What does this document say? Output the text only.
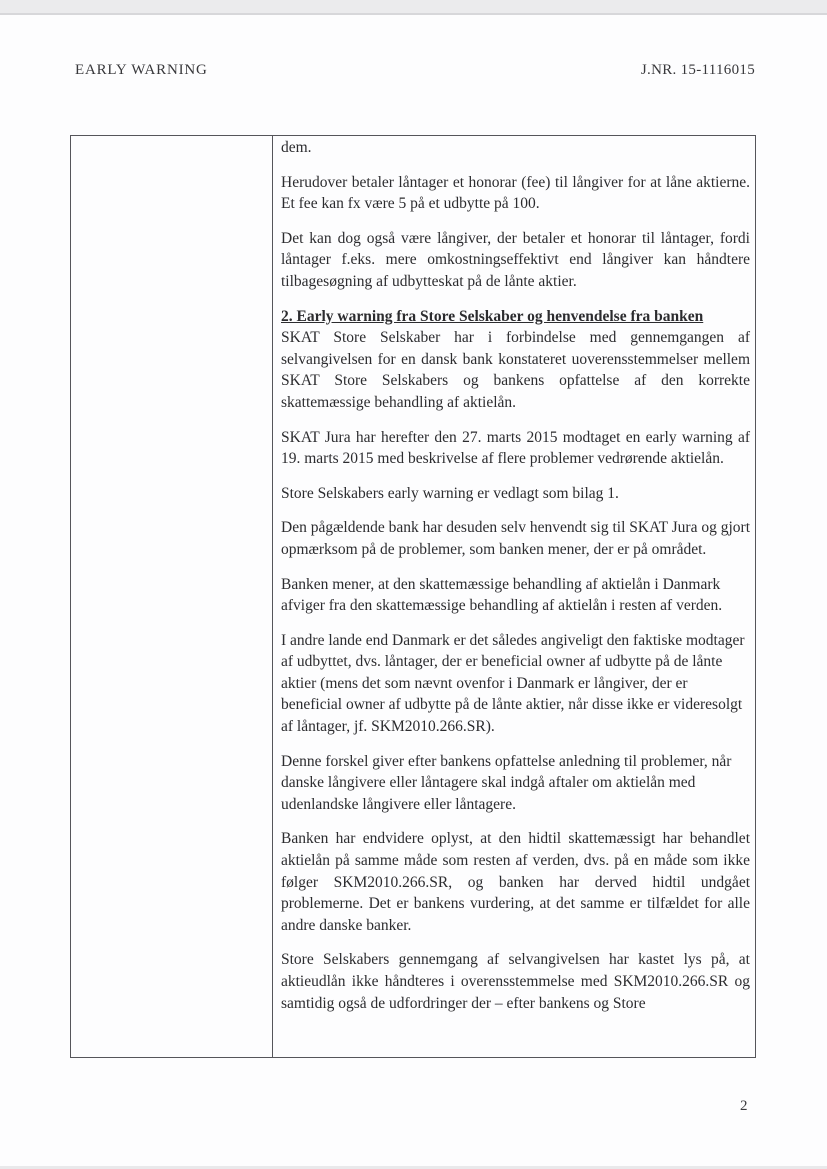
EARLY WARNING	J.NR. 15-1116015

dem.

Herudover betaler låntager et honorar (fee) til långiver for at låne aktierne. Et fee kan fx være 5 på et udbytte på 100.

Det kan dog også være långiver, der betaler et honorar til låntager, fordi låntager f.eks. mere omkostningseffektivt end långiver kan håndtere tilbagesøgning af udbytteskat på de lånte aktier.

2. Early warning fra Store Selskaber og henvendelse fra banken

SKAT Store Selskaber har i forbindelse med gennemgangen af selvangivelsen for en dansk bank konstateret uoverensstemmelser mellem SKAT Store Selskabers og bankens opfattelse af den korrekte skattemæssige behandling af aktielån.

SKAT Jura har herefter den 27. marts 2015 modtaget en early warning af 19. marts 2015 med beskrivelse af flere problemer vedrørende aktielån.

Store Selskabers early warning er vedlagt som bilag 1.

Den pågældende bank har desuden selv henvendt sig til SKAT Jura og gjort opmærksom på de problemer, som banken mener, der er på området.

Banken mener, at den skattemæssige behandling af aktielån i Danmark afviger fra den skattemæssige behandling af aktielån i resten af verden.

I andre lande end Danmark er det således angiveligt den faktiske modtager af udbyttet, dvs. låntager, der er beneficial owner af udbytte på de lånte aktier (mens det som nævnt ovenfor i Danmark er långiver, der er beneficial owner af udbytte på de lånte aktier, når disse ikke er videresolgt af låntager, jf. SKM2010.266.SR).

Denne forskel giver efter bankens opfattelse anledning til problemer, når danske långivere eller låntagere skal indgå aftaler om aktielån med udenlandske långivere eller låntagere.

Banken har endvidere oplyst, at den hidtil skattemæssigt har behandlet aktielån på samme måde som resten af verden, dvs. på en måde som ikke følger SKM2010.266.SR, og banken har derved hidtil undgået problemerne. Det er bankens vurdering, at det samme er tilfældet for alle andre danske banker.

Store Selskabers gennemgang af selvangivelsen har kastet lys på, at aktieudlån ikke håndteres i overensstemmelse med SKM2010.266.SR og samtidig også de udfordringer der – efter bankens og Store

2
